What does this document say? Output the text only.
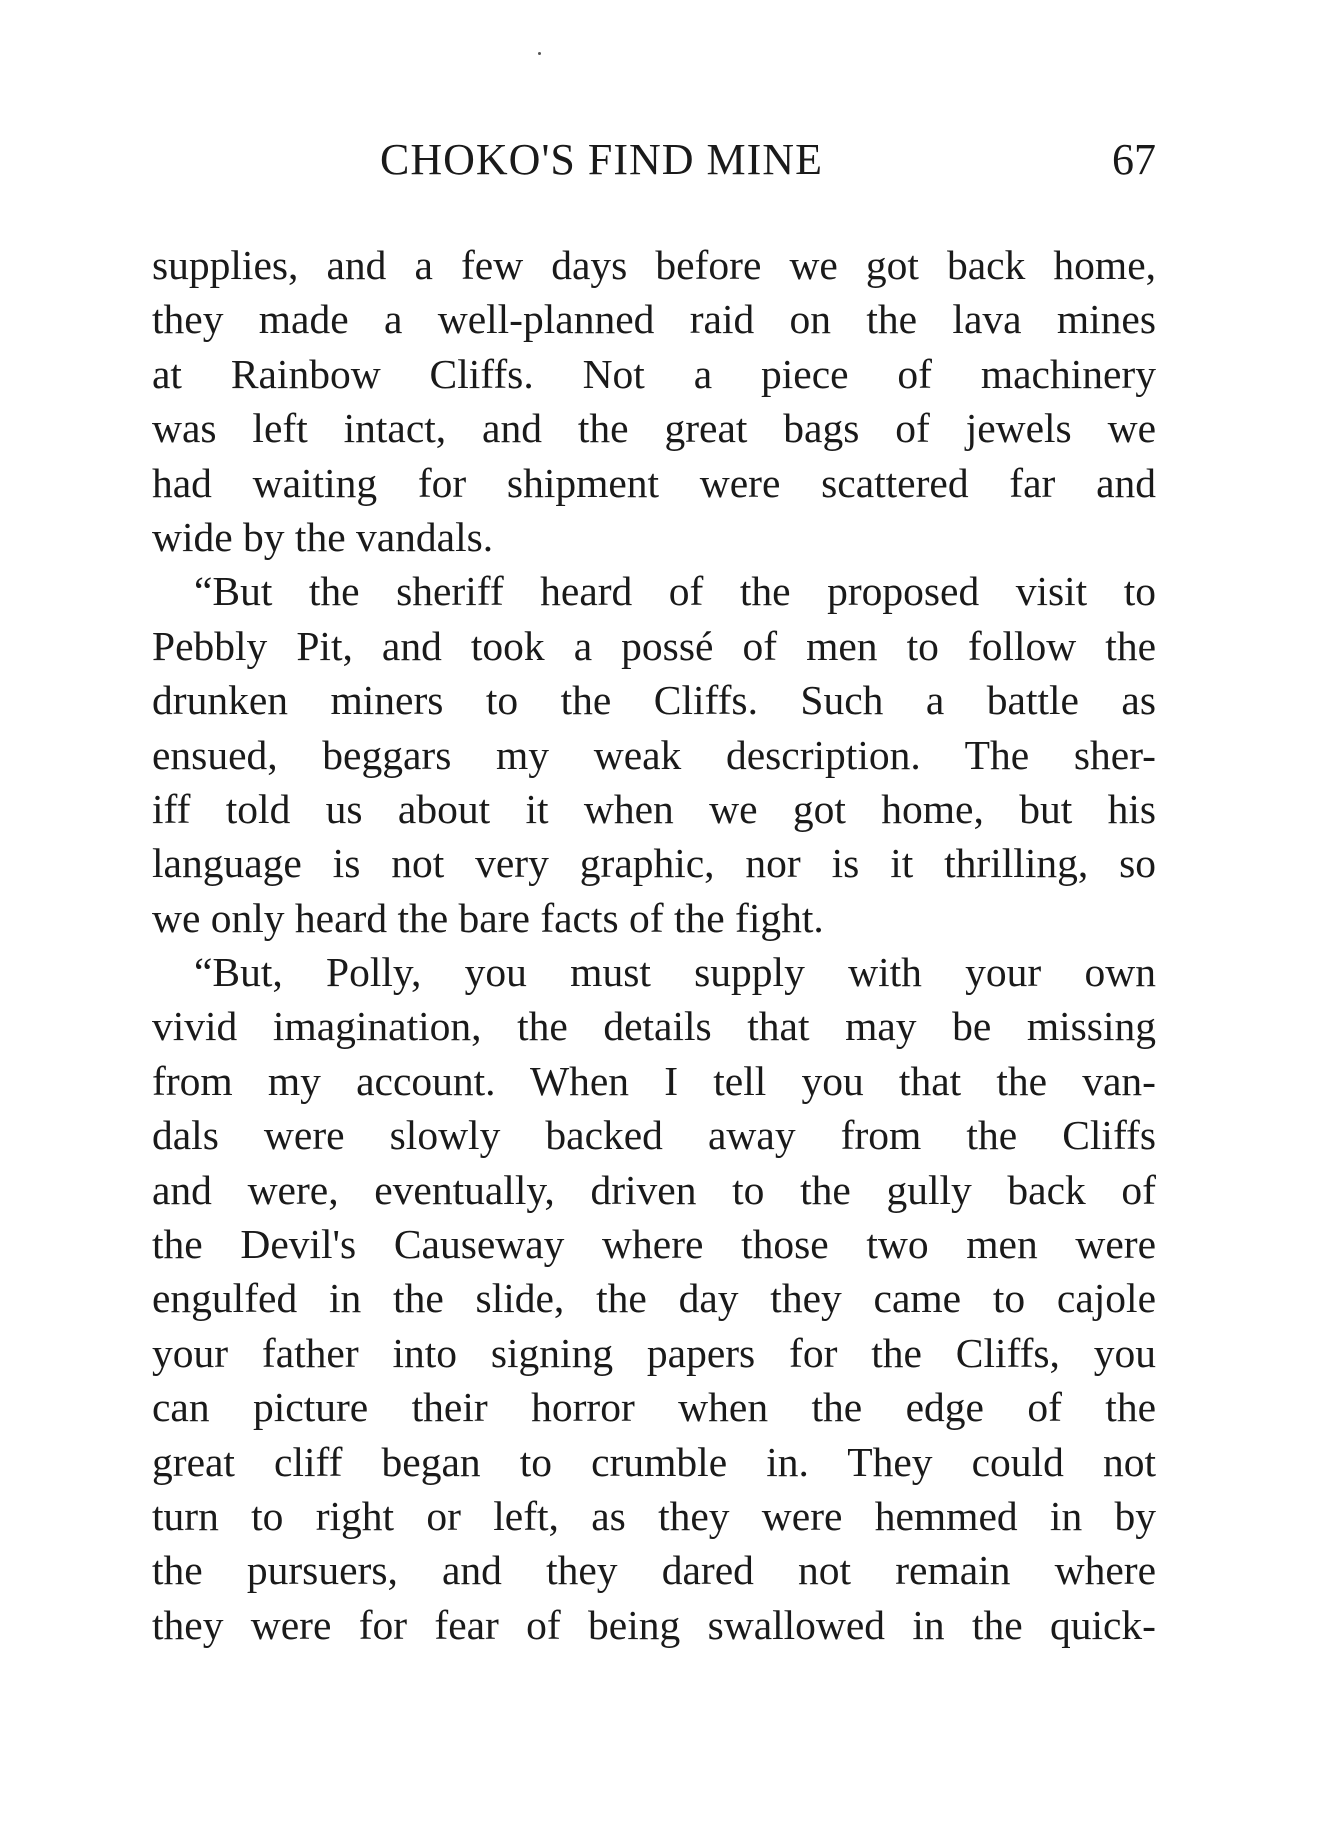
CHOKO'S FIND MINE	67
supplies, and a few days before we got back home,
they made a well-planned raid on the lava mines
at Rainbow Cliffs. Not a piece of machinery
was left intact, and the great bags of jewels we
had waiting for shipment were scattered far and
wide by the vandals.
“But the sheriff heard of the proposed visit to
Pebbly Pit, and took a possé of men to follow the
drunken miners to the Cliffs. Such a battle as
ensued, beggars my weak description. The sher-
iff told us about it when we got home, but his
language is not very graphic, nor is it thrilling, so
we only heard the bare facts of the fight.
“But, Polly, you must supply with your own
vivid imagination, the details that may be missing
from my account. When I tell you that the van-
dals were slowly backed away from the Cliffs
and were, eventually, driven to the gully back of
the Devil's Causeway where those two men were
engulfed in the slide, the day they came to cajole
your father into signing papers for the Cliffs, you
can picture their horror when the edge of the
great cliff began to crumble in. They could not
turn to right or left, as they were hemmed in by
the pursuers, and they dared not remain where
they were for fear of being swallowed in the quick-
